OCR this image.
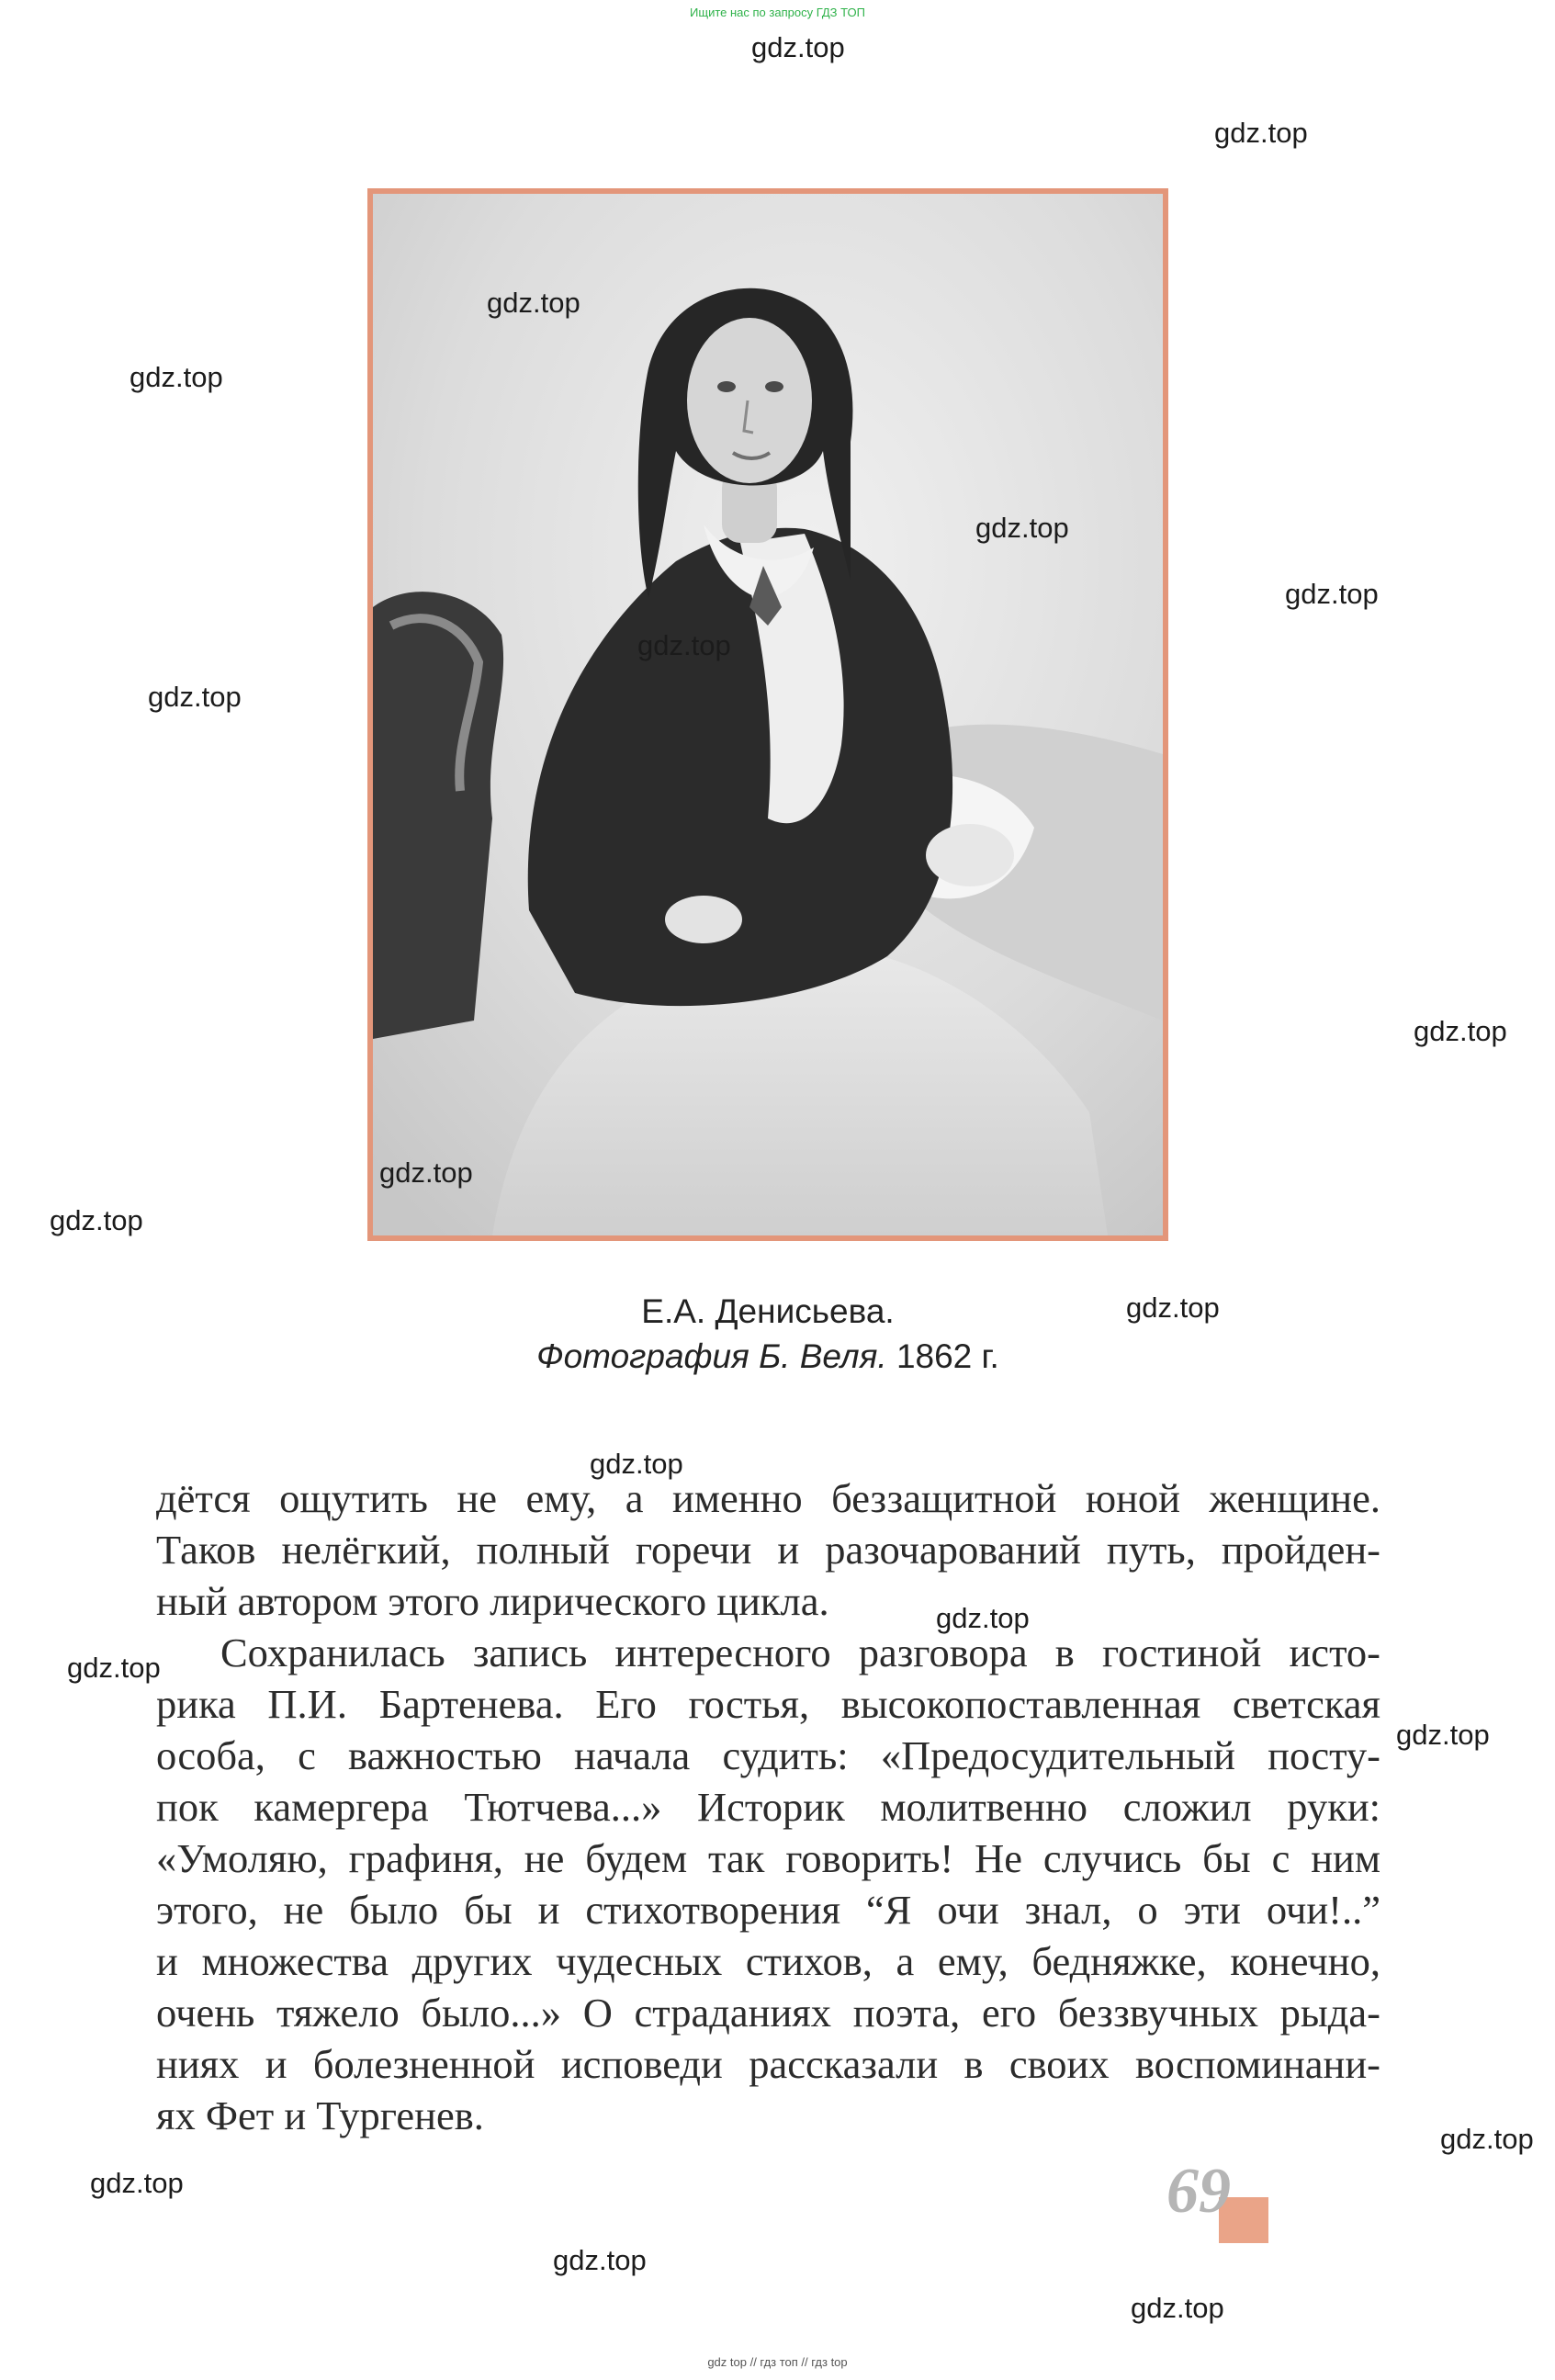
Ищите нас по запросу ГДЗ ТОП
gdz.top
gdz.top
gdz.top
gdz.top
gdz.top
gdz.top
gdz.top
gdz.top
gdz.top
gdz.top
gdz.top
gdz.top
gdz.top
gdz.top
gdz.top
gdz.top
gdz.top
gdz.top
gdz.top
gdz.top
Е.А. Денисьева.
Фотография Б. Веля. 1862 г.
дётся ощутить не ему, а именно беззащитной юной женщине.
Таков нелёгкий, полный горечи и разочарований путь, пройден-
ный автором этого лирического цикла.
Сохранилась запись интересного разговора в гостиной исто-
рика П.И. Бартенева. Его гостья, высокопоставленная светская
особа, с важностью начала судить: «Предосудительный посту-
пок камергера Тютчева...» Историк молитвенно сложил руки:
«Умоляю, графиня, не будем так говорить! Не случись бы с ним
этого, не было бы и стихотворения “Я очи знал, о эти очи!..”
и множества других чудесных стихов, а ему, бедняжке, конечно,
очень тяжело было...» О страданиях поэта, его беззвучных рыда-
ниях и болезненной исповеди рассказали в своих воспоминани-
ях Фет и Тургенев.
69
gdz top // гдз топ // гдз top
